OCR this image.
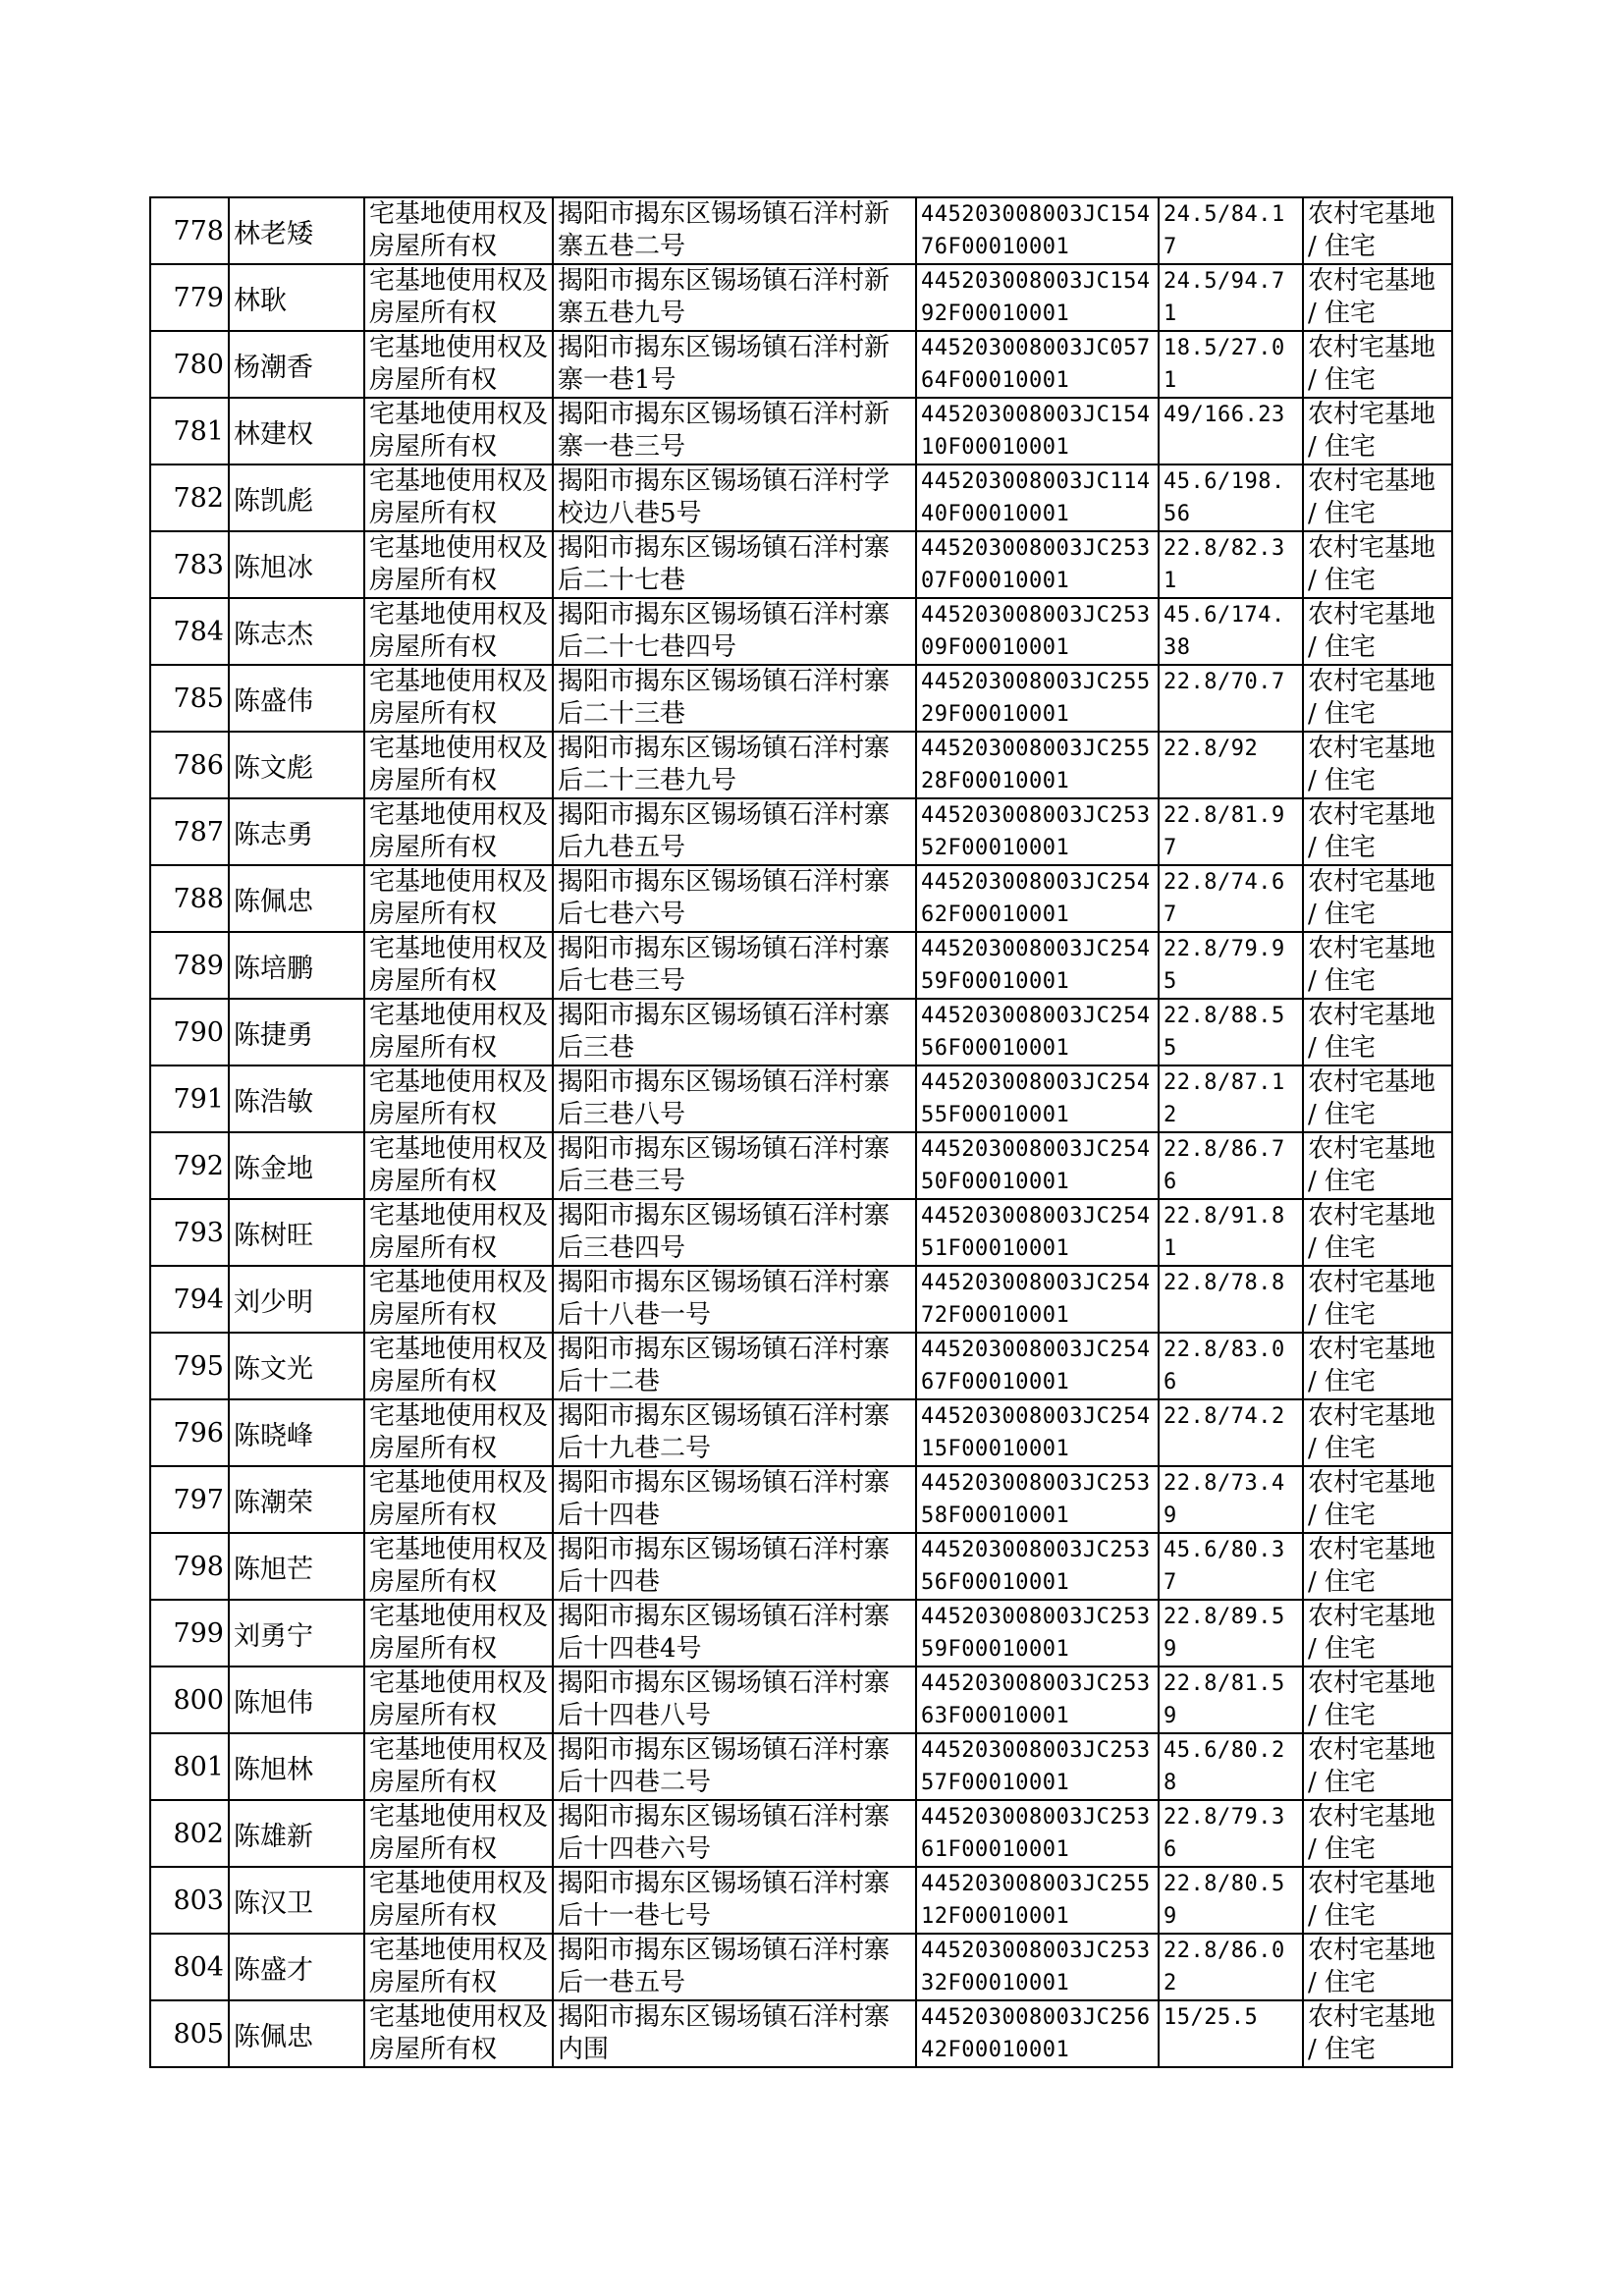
778	林老矮	宅基地使用权及房屋所有权	揭阳市揭东区锡场镇石洋村新寨五巷二号	445203008003JC15476F00010001	24.5/84.17	农村宅基地 / 住宅

779	林耿	宅基地使用权及房屋所有权	揭阳市揭东区锡场镇石洋村新寨五巷九号	445203008003JC15492F00010001	24.5/94.71	农村宅基地 / 住宅

780	杨潮香	宅基地使用权及房屋所有权	揭阳市揭东区锡场镇石洋村新寨一巷1号	445203008003JC05764F00010001	18.5/27.01	农村宅基地 / 住宅

781	林建权	宅基地使用权及房屋所有权	揭阳市揭东区锡场镇石洋村新寨一巷三号	445203008003JC15410F00010001	49/166.23	农村宅基地 / 住宅

782	陈凯彪	宅基地使用权及房屋所有权	揭阳市揭东区锡场镇石洋村学校边八巷5号	445203008003JC11440F00010001	45.6/198.56	农村宅基地 / 住宅

783	陈旭冰	宅基地使用权及房屋所有权	揭阳市揭东区锡场镇石洋村寨后二十七巷	445203008003JC25307F00010001	22.8/82.31	农村宅基地 / 住宅

784	陈志杰	宅基地使用权及房屋所有权	揭阳市揭东区锡场镇石洋村寨后二十七巷四号	445203008003JC25309F00010001	45.6/174.38	农村宅基地 / 住宅

785	陈盛伟	宅基地使用权及房屋所有权	揭阳市揭东区锡场镇石洋村寨后二十三巷	445203008003JC25529F00010001	22.8/70.7	农村宅基地 / 住宅

786	陈文彪	宅基地使用权及房屋所有权	揭阳市揭东区锡场镇石洋村寨后二十三巷九号	445203008003JC25528F00010001	22.8/92	农村宅基地 / 住宅

787	陈志勇	宅基地使用权及房屋所有权	揭阳市揭东区锡场镇石洋村寨后九巷五号	445203008003JC25352F00010001	22.8/81.97	农村宅基地 / 住宅

788	陈佩忠	宅基地使用权及房屋所有权	揭阳市揭东区锡场镇石洋村寨后七巷六号	445203008003JC25462F00010001	22.8/74.67	农村宅基地 / 住宅

789	陈培鹏	宅基地使用权及房屋所有权	揭阳市揭东区锡场镇石洋村寨后七巷三号	445203008003JC25459F00010001	22.8/79.95	农村宅基地 / 住宅

790	陈捷勇	宅基地使用权及房屋所有权	揭阳市揭东区锡场镇石洋村寨后三巷	445203008003JC25456F00010001	22.8/88.55	农村宅基地 / 住宅

791	陈浩敏	宅基地使用权及房屋所有权	揭阳市揭东区锡场镇石洋村寨后三巷八号	445203008003JC25455F00010001	22.8/87.12	农村宅基地 / 住宅

792	陈金地	宅基地使用权及房屋所有权	揭阳市揭东区锡场镇石洋村寨后三巷三号	445203008003JC25450F00010001	22.8/86.76	农村宅基地 / 住宅

793	陈树旺	宅基地使用权及房屋所有权	揭阳市揭东区锡场镇石洋村寨后三巷四号	445203008003JC25451F00010001	22.8/91.81	农村宅基地 / 住宅

794	刘少明	宅基地使用权及房屋所有权	揭阳市揭东区锡场镇石洋村寨后十八巷一号	445203008003JC25472F00010001	22.8/78.8	农村宅基地 / 住宅

795	陈文光	宅基地使用权及房屋所有权	揭阳市揭东区锡场镇石洋村寨后十二巷	445203008003JC25467F00010001	22.8/83.06	农村宅基地 / 住宅

796	陈晓峰	宅基地使用权及房屋所有权	揭阳市揭东区锡场镇石洋村寨后十九巷二号	445203008003JC25415F00010001	22.8/74.2	农村宅基地 / 住宅

797	陈潮荣	宅基地使用权及房屋所有权	揭阳市揭东区锡场镇石洋村寨后十四巷	445203008003JC25358F00010001	22.8/73.49	农村宅基地 / 住宅

798	陈旭芒	宅基地使用权及房屋所有权	揭阳市揭东区锡场镇石洋村寨后十四巷	445203008003JC25356F00010001	45.6/80.37	农村宅基地 / 住宅

799	刘勇宁	宅基地使用权及房屋所有权	揭阳市揭东区锡场镇石洋村寨后十四巷4号	445203008003JC25359F00010001	22.8/89.59	农村宅基地 / 住宅

800	陈旭伟	宅基地使用权及房屋所有权	揭阳市揭东区锡场镇石洋村寨后十四巷八号	445203008003JC25363F00010001	22.8/81.59	农村宅基地 / 住宅

801	陈旭林	宅基地使用权及房屋所有权	揭阳市揭东区锡场镇石洋村寨后十四巷二号	445203008003JC25357F00010001	45.6/80.28	农村宅基地 / 住宅

802	陈雄新	宅基地使用权及房屋所有权	揭阳市揭东区锡场镇石洋村寨后十四巷六号	445203008003JC25361F00010001	22.8/79.36	农村宅基地 / 住宅

803	陈汉卫	宅基地使用权及房屋所有权	揭阳市揭东区锡场镇石洋村寨后十一巷七号	445203008003JC25512F00010001	22.8/80.59	农村宅基地 / 住宅

804	陈盛才	宅基地使用权及房屋所有权	揭阳市揭东区锡场镇石洋村寨后一巷五号	445203008003JC25332F00010001	22.8/86.02	农村宅基地 / 住宅

805	陈佩忠	宅基地使用权及房屋所有权	揭阳市揭东区锡场镇石洋村寨内围	445203008003JC25642F00010001	15/25.5	农村宅基地 / 住宅
